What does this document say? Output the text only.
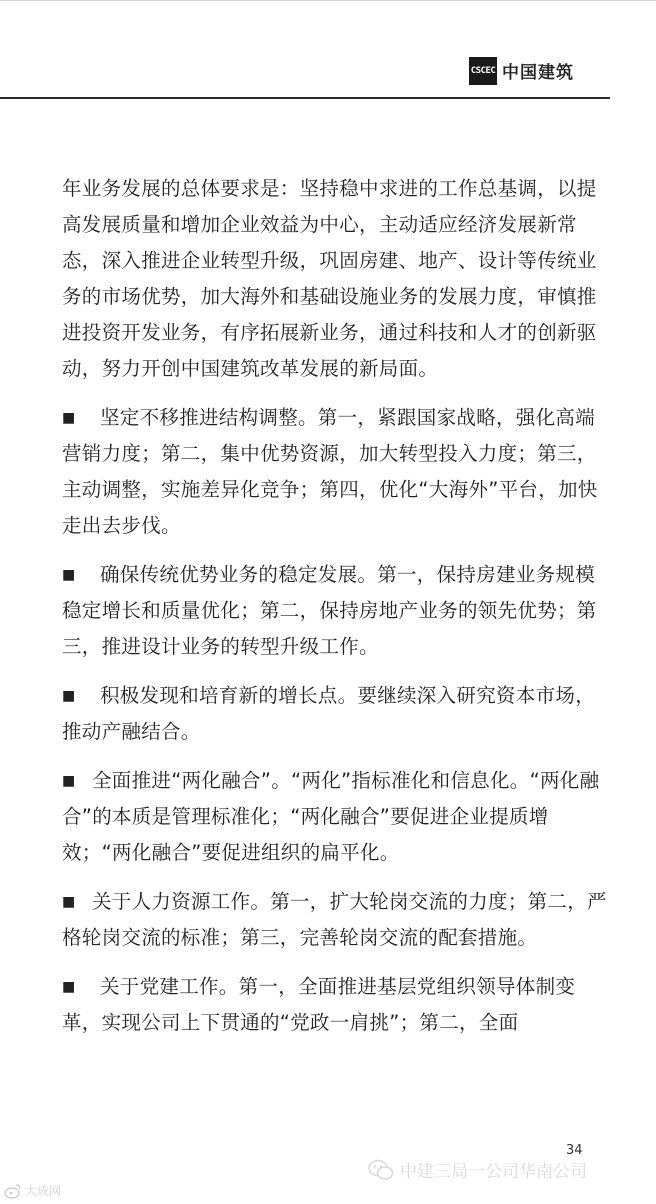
CSCEC 中国建筑

年业务发展的总体要求是：坚持稳中求进的工作总基调，以提高发展质量和增加企业效益为中心，主动适应经济发展新常态，深入推进企业转型升级，巩固房建、地产、设计等传统业务的市场优势，加大海外和基础设施业务的发展力度，审慎推进投资开发业务，有序拓展新业务，通过科技和人才的创新驱动，努力开创中国建筑改革发展的新局面。

■ 坚定不移推进结构调整。第一，紧跟国家战略，强化高端营销力度；第二，集中优势资源，加大转型投入力度；第三，主动调整，实施差异化竞争；第四，优化“大海外”平台，加快走出去步伐。

■ 确保传统优势业务的稳定发展。第一，保持房建业务规模稳定增长和质量优化；第二，保持房地产业务的领先优势；第三，推进设计业务的转型升级工作。

■ 积极发现和培育新的增长点。要继续深入研究资本市场，推动产融结合。

■ 全面推进“两化融合”。“两化”指标准化和信息化。“两化融合”的本质是管理标准化；“两化融合”要促进企业提质增效；“两化融合”要促进组织的扁平化。

■ 关于人力资源工作。第一，扩大轮岗交流的力度；第二，严格轮岗交流的标准；第三，完善轮岗交流的配套措施。

■ 关于党建工作。第一，全面推进基层党组织领导体制变革，实现公司上下贯通的“党政一肩挑”；第二，全面

34
中建三局一公司华南公司
大成网
